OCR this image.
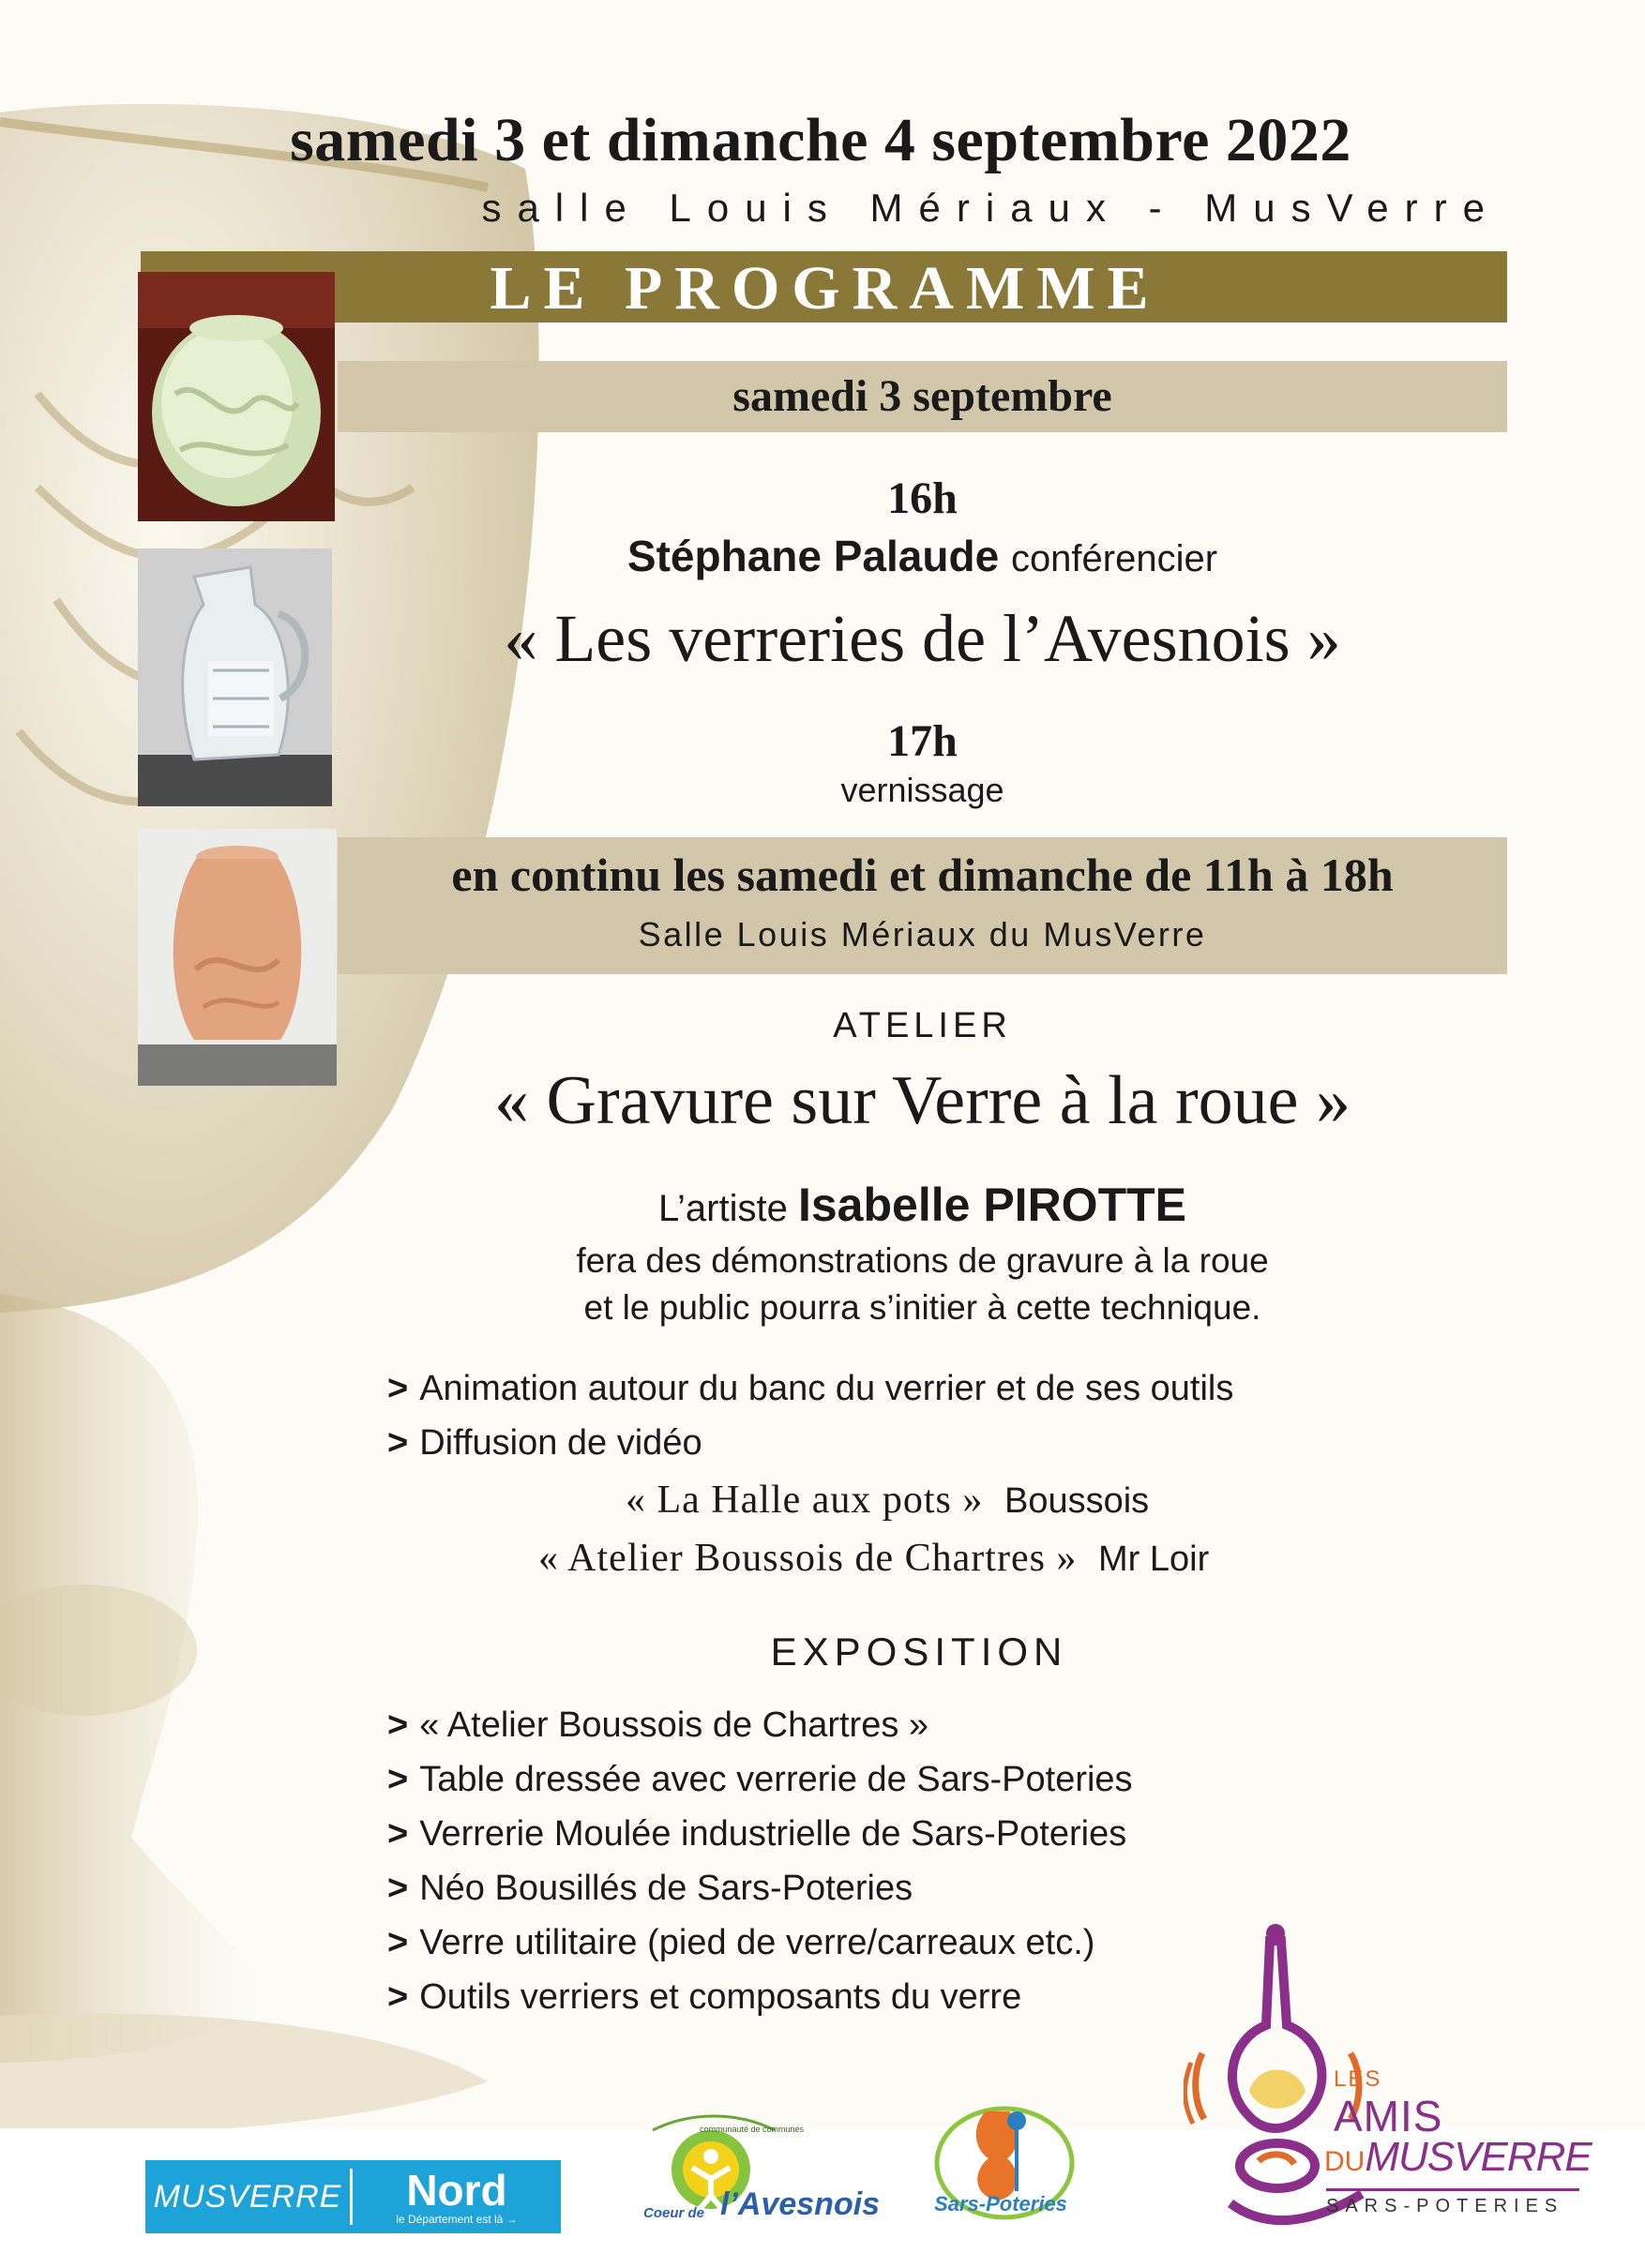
samedi 3 et dimanche 4 septembre 2022
salle Louis Mériaux - MusVerre
LE PROGRAMME
samedi 3 septembre
16h
Stéphane Palaude conférencier
« Les verreries de l’Avesnois »
17h
vernissage
en continu les samedi et dimanche de 11h à 18h
Salle Louis Mériaux du MusVerre
ATELIER
« Gravure sur Verre à la roue »
L’artiste Isabelle PIROTTE
fera des démonstrations de gravure à la roue
et le public pourra s’initier à cette technique.
> Animation autour du banc du verrier et de ses outils
> Diffusion de vidéo
« La Halle aux pots » Boussois
« Atelier Boussois de Chartres » Mr Loir
EXPOSITION
> « Atelier Boussois de Chartres »
> Table dressée avec verrerie de Sars-Poteries
> Verrerie Moulée industrielle de Sars-Poteries
> Néo Bousillés de Sars-Poteries
> Verre utilitaire (pied de verre/carreaux etc.)
> Outils verriers et composants du verre
MUSVERRE	Nord
le Département est là →
communauté de communes
Coeur de l’Avesnois	Sars-Poteries
LES
AMIS
DUMUSVERRE
SARS-POTERIES
